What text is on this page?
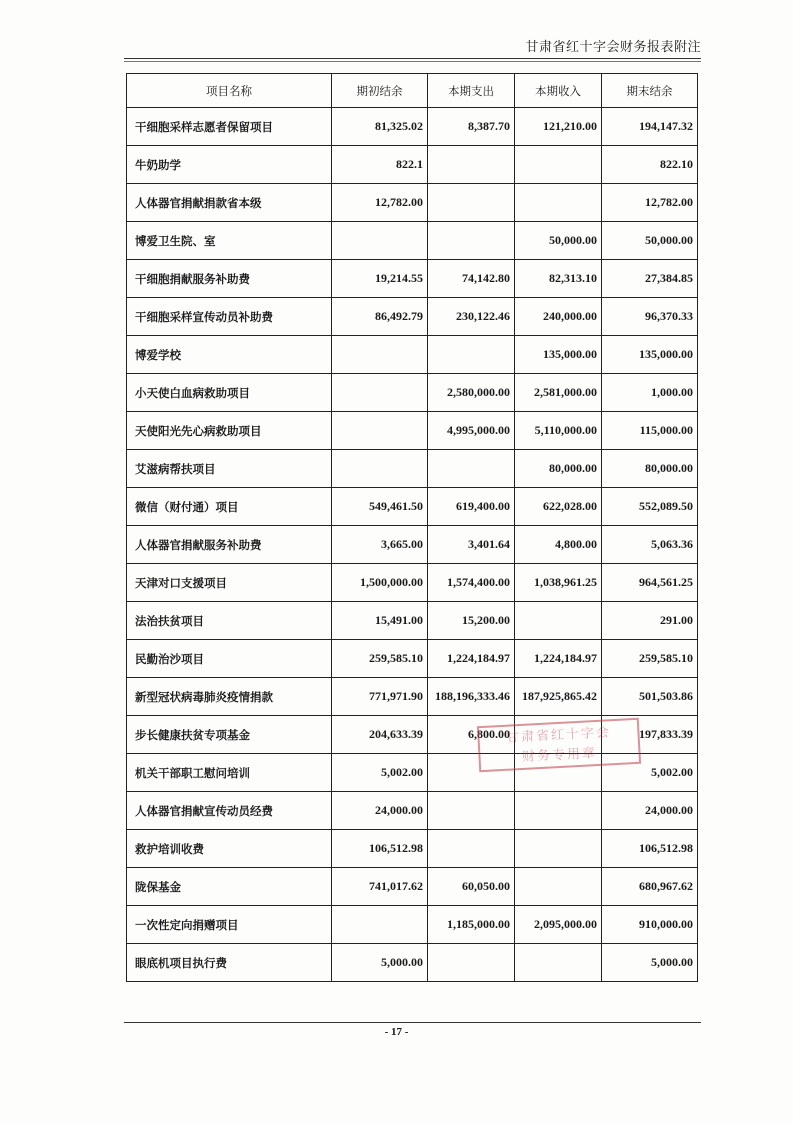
甘肃省红十字会财务报表附注
项目名称	期初结余	本期支出	本期收入	期末结余
干细胞采样志愿者保留项目	81,325.02	8,387.70	121,210.00	194,147.32
牛奶助学	822.1			822.10
人体器官捐献捐款省本级	12,782.00			12,782.00
博爱卫生院、室			50,000.00	50,000.00
干细胞捐献服务补助费	19,214.55	74,142.80	82,313.10	27,384.85
干细胞采样宣传动员补助费	86,492.79	230,122.46	240,000.00	96,370.33
博爱学校			135,000.00	135,000.00
小天使白血病救助项目		2,580,000.00	2,581,000.00	1,000.00
天使阳光先心病救助项目		4,995,000.00	5,110,000.00	115,000.00
艾滋病帮扶项目			80,000.00	80,000.00
微信（财付通）项目	549,461.50	619,400.00	622,028.00	552,089.50
人体器官捐献服务补助费	3,665.00	3,401.64	4,800.00	5,063.36
天津对口支援项目	1,500,000.00	1,574,400.00	1,038,961.25	964,561.25
法治扶贫项目	15,491.00	15,200.00		291.00
民勤治沙项目	259,585.10	1,224,184.97	1,224,184.97	259,585.10
新型冠状病毒肺炎疫情捐款	771,971.90	188,196,333.46	187,925,865.42	501,503.86
步长健康扶贫专项基金	204,633.39	6,800.00		197,833.39
机关干部职工慰问培训	5,002.00			5,002.00
人体器官捐献宣传动员经费	24,000.00			24,000.00
救护培训收费	106,512.98			106,512.98
陇保基金	741,017.62	60,050.00		680,967.62
一次性定向捐赠项目		1,185,000.00	2,095,000.00	910,000.00
眼底机项目执行费	5,000.00			5,000.00
甘肃省红十字会
财务专用章
- 17 -
